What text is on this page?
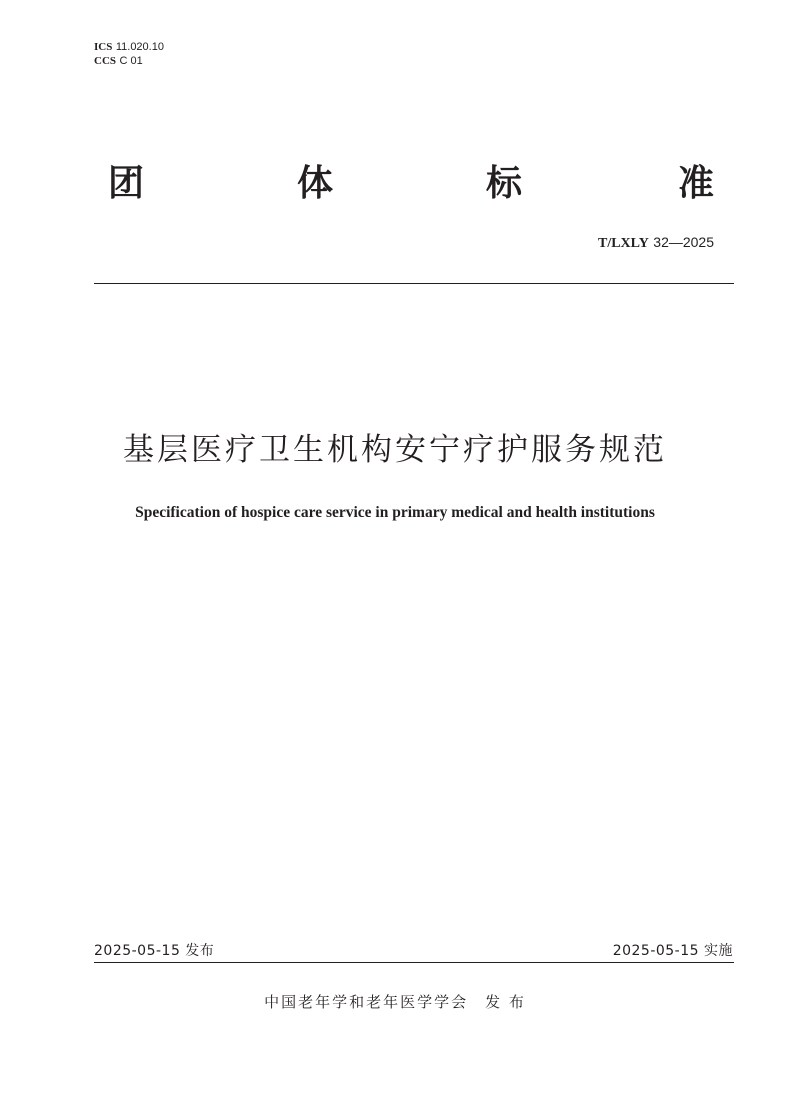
ICS 11.020.10
CCS C 01
团	体	标	准
T/LXLY 32—2025
基层医疗卫生机构安宁疗护服务规范
Specification of hospice care service in primary medical and health institutions
2025-05-15 发布	2025-05-15 实施
中国老年学和老年医学学会　发 布
